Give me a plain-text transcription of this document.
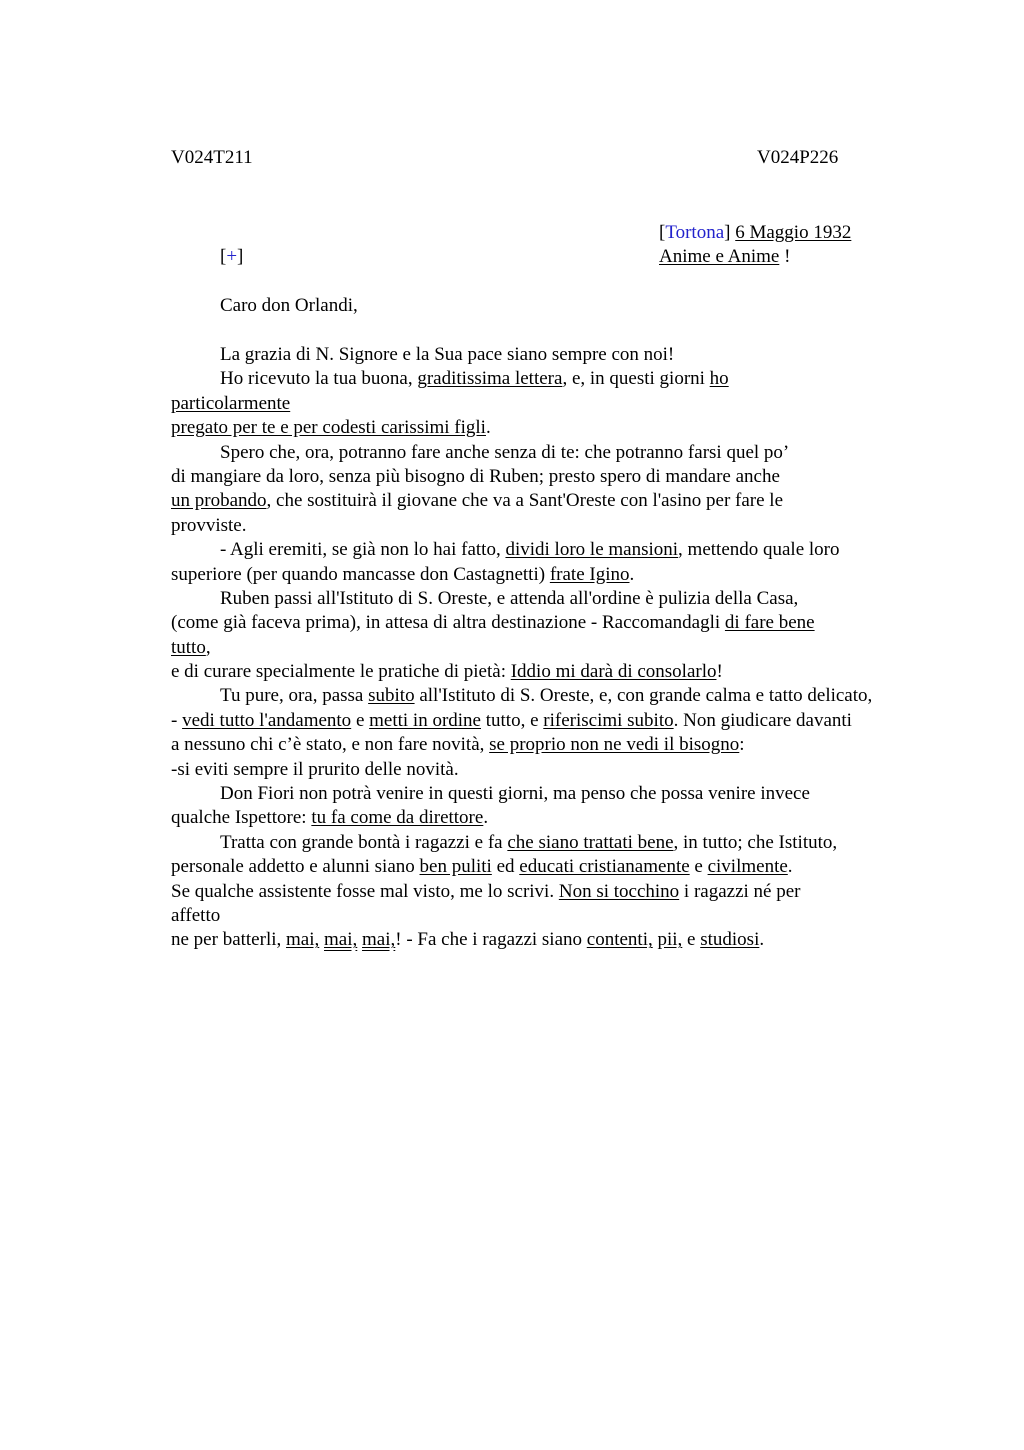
V024T211	V024P226
[Tortona] 6 Maggio 1932
Anime e Anime !
[+]
Caro don Orlandi,
La grazia di N. Signore e la Sua pace siano sempre con noi!
Ho ricevuto la tua buona, graditissima lettera, e, in questi giorni ho
particolarmente
pregato per te e per codesti carissimi figli.
Spero che, ora, potranno fare anche senza di te: che potranno farsi quel po’
di mangiare da loro, senza più bisogno di Ruben; presto spero di mandare anche
un probando, che sostituirà il giovane che va a Sant'Oreste con l'asino per fare le
provviste.
- Agli eremiti, se già non lo hai fatto, dividi loro le mansioni, mettendo quale loro
superiore (per quando mancasse don Castagnetti) frate Igino.
Ruben passi all'Istituto di S. Oreste, e attenda all'ordine è pulizia della Casa,
(come già faceva prima), in attesa di altra destinazione - Raccomandagli di fare bene
tutto,
e di curare specialmente le pratiche di pietà: Iddio mi darà di consolarlo!
Tu pure, ora, passa subito all'Istituto di S. Oreste, e, con grande calma e tatto delicato,
- vedi tutto l'andamento e metti in ordine tutto, e riferiscimi subito. Non giudicare davanti
a nessuno chi c’è stato, e non fare novità, se proprio non ne vedi il bisogno:
-si eviti sempre il prurito delle novità.
Don Fiori non potrà venire in questi giorni, ma penso che possa venire invece
qualche Ispettore: tu fa come da direttore.
Tratta con grande bontà i ragazzi e fa che siano trattati bene, in tutto; che Istituto,
personale addetto e alunni siano ben puliti ed educati cristianamente e civilmente.
Se qualche assistente fosse mal visto, me lo scrivi. Non si tocchino i ragazzi né per
affetto
ne per batterli, mai, mai, mai,! - Fa che i ragazzi siano contenti, pii, e studiosi.
